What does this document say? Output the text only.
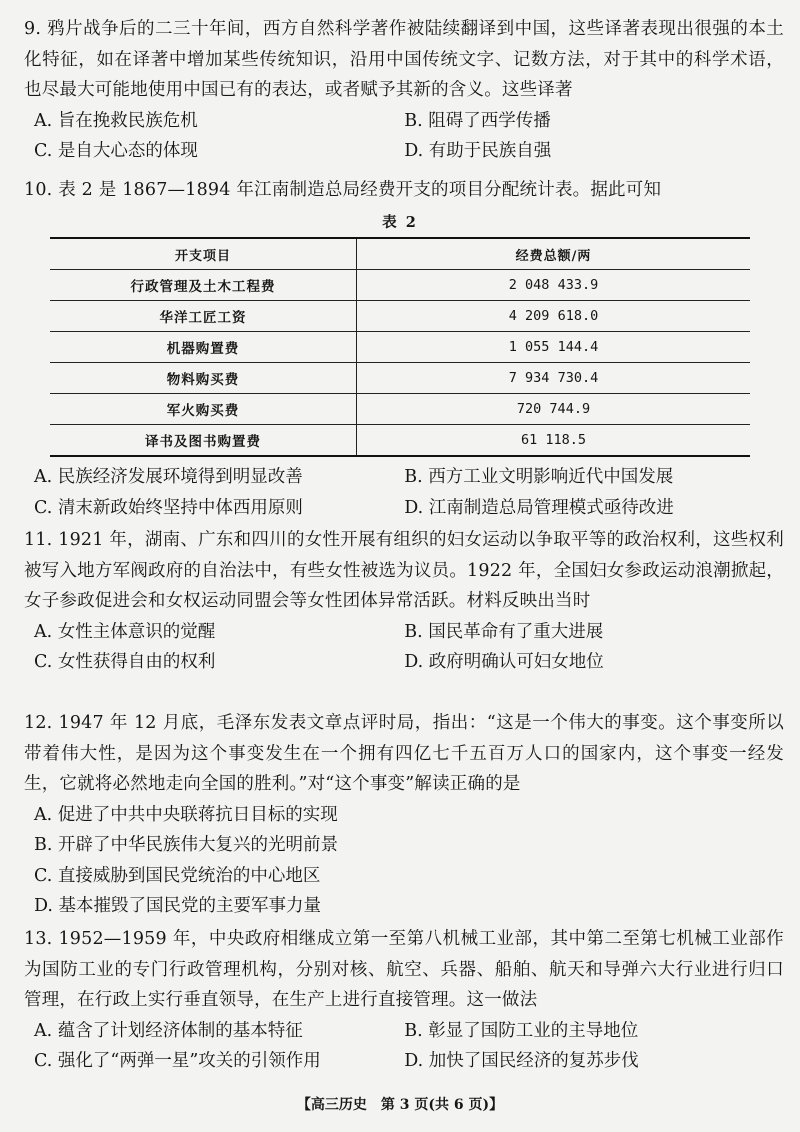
9. 鸦片战争后的二三十年间，西方自然科学著作被陆续翻译到中国，这些译著表现出很强的本土化特征，如在译著中增加某些传统知识，沿用中国传统文字、记数方法，对于其中的科学术语，也尽最大可能地使用中国已有的表达，或者赋予其新的含义。这些译著

A. 旨在挽救民族危机	B. 阻碍了西学传播
C. 是自大心态的体现	D. 有助于民族自强

10. 表 2 是 1867—1894 年江南制造总局经费开支的项目分配统计表。据此可知

表 2
开支项目	经费总额/两
行政管理及土木工程费	2 048 433.9
华洋工匠工资	4 209 618.0
机器购置费	1 055 144.4
物料购买费	7 934 730.4
军火购买费	720 744.9
译书及图书购置费	61 118.5
A. 民族经济发展环境得到明显改善	B. 西方工业文明影响近代中国发展
C. 清末新政始终坚持中体西用原则	D. 江南制造总局管理模式亟待改进

11. 1921 年，湖南、广东和四川的女性开展有组织的妇女运动以争取平等的政治权利，这些权利被写入地方军阀政府的自治法中，有些女性被选为议员。1922 年，全国妇女参政运动浪潮掀起，女子参政促进会和女权运动同盟会等女性团体异常活跃。材料反映出当时

A. 女性主体意识的觉醒	B. 国民革命有了重大进展
C. 女性获得自由的权利	D. 政府明确认可妇女地位

12. 1947 年 12 月底，毛泽东发表文章点评时局，指出：“这是一个伟大的事变。这个事变所以带着伟大性，是因为这个事变发生在一个拥有四亿七千五百万人口的国家内，这个事变一经发生，它就将必然地走向全国的胜利。”对“这个事变”解读正确的是

A. 促进了中共中央联蒋抗日目标的实现
B. 开辟了中华民族伟大复兴的光明前景
C. 直接威胁到国民党统治的中心地区
D. 基本摧毁了国民党的主要军事力量

13. 1952—1959 年，中央政府相继成立第一至第八机械工业部，其中第二至第七机械工业部作为国防工业的专门行政管理机构，分别对核、航空、兵器、船舶、航天和导弹六大行业进行归口管理，在行政上实行垂直领导，在生产上进行直接管理。这一做法

A. 蕴含了计划经济体制的基本特征	B. 彰显了国防工业的主导地位
C. 强化了“两弹一星”攻关的引领作用	D. 加快了国民经济的复苏步伐
【高三历史　第 3 页(共 6 页)】
